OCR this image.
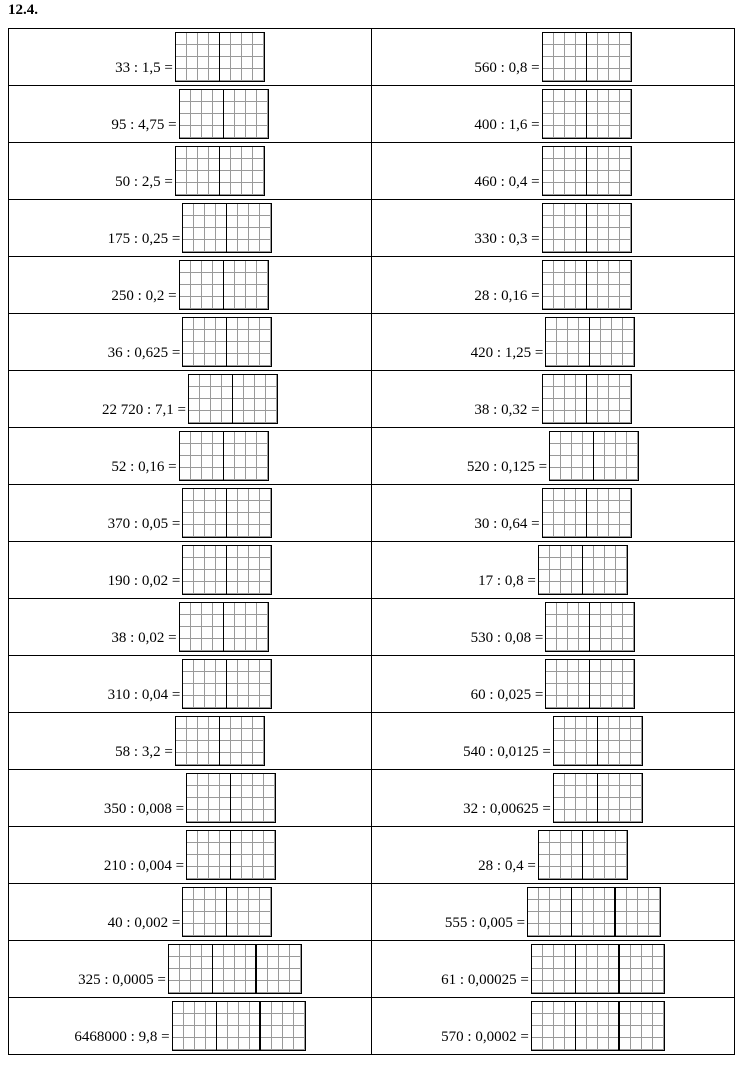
12.4.
33 : 1,5 =	560 : 0,8 =

95 : 4,75 =	400 : 1,6 =

50 : 2,5 =	460 : 0,4 =

175 : 0,25 =	330 : 0,3 =

250 : 0,2 =	28 : 0,16 =

36 : 0,625 =	420 : 1,25 =

22 720 : 7,1 =	38 : 0,32 =

52 : 0,16 =	520 : 0,125 =

370 : 0,05 =	30 : 0,64 =

190 : 0,02 =	17 : 0,8 =

38 : 0,02 =	530 : 0,08 =

310 : 0,04 =	60 : 0,025 =

58 : 3,2 =	540 : 0,0125 =

350 : 0,008 =	32 : 0,00625 =

210 : 0,004 =	28 : 0,4 =

40 : 0,002 =	555 : 0,005 =

325 : 0,0005 =	61 : 0,00025 =

6468000 : 9,8 =	570 : 0,0002 =
